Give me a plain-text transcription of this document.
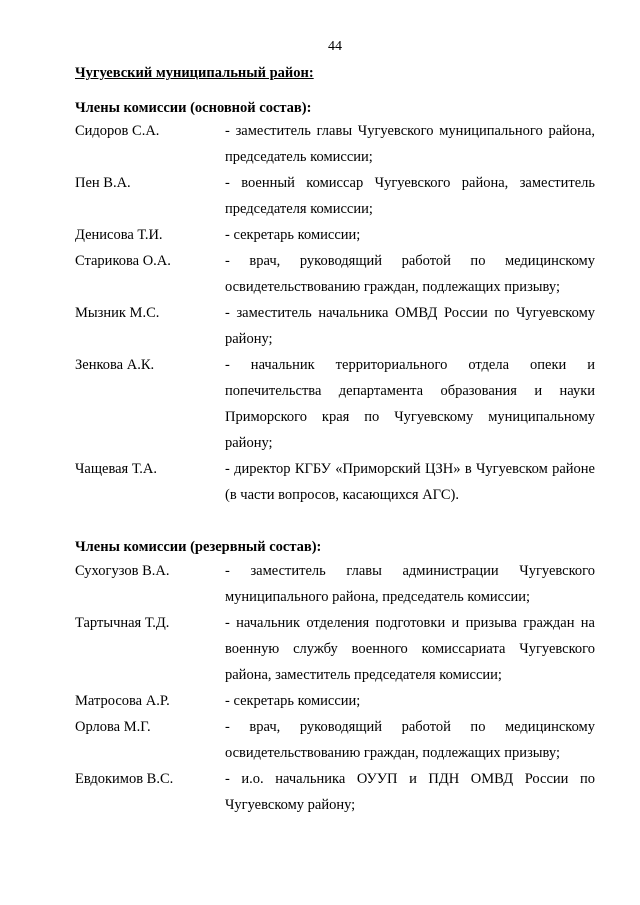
44
Чугуевский муниципальный район:
Члены комиссии (основной состав):
Сидоров С.А.	- заместитель главы Чугуевского муниципального района, председатель комиссии;
Пен В.А.	- военный комиссар Чугуевского района, заместитель председателя комиссии;
Денисова Т.И.	- секретарь комиссии;
Старикова О.А.	- врач, руководящий работой по медицинскому освидетельствованию граждан, подлежащих призыву;
Мызник М.С.	- заместитель начальника ОМВД России по Чугуевскому району;
Зенкова А.К.	- начальник территориального отдела опеки и попечительства департамента образования и науки Приморского края по Чугуевскому муниципальному району;
Чащевая Т.А.	- директор КГБУ «Приморский ЦЗН» в Чугуевском районе (в части вопросов, касающихся АГС).
Члены комиссии (резервный состав):
Сухогузов В.А.	- заместитель главы администрации Чугуевского муниципального района, председатель комиссии;
Тартычная Т.Д.	- начальник отделения подготовки и призыва граждан на военную службу военного комиссариата Чугуевского района, заместитель председателя комиссии;
Матросова А.Р.	- секретарь комиссии;
Орлова М.Г.	- врач, руководящий работой по медицинскому освидетельствованию граждан, подлежащих призыву;
Евдокимов В.С.	- и.о. начальника ОУУП и ПДН ОМВД России по Чугуевскому району;
